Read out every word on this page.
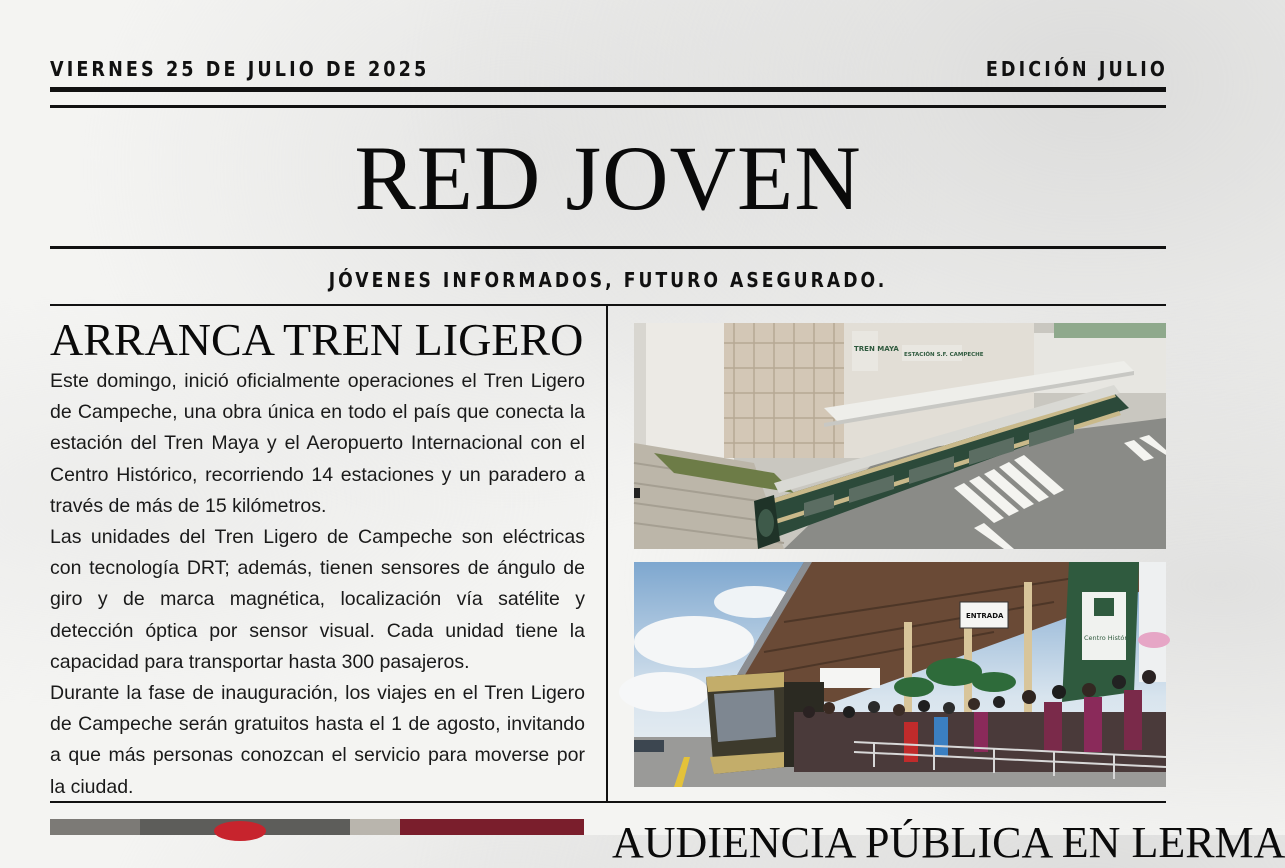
VIERNES 25 DE JULIO DE 2025	EDICIÓN JULIO
RED JOVEN
JÓVENES INFORMADOS, FUTURO ASEGURADO.
ARRANCA TREN LIGERO

Este domingo, inició oficialmente operaciones el Tren Ligero de Campeche, una obra única en todo el país que conecta la estación del Tren Maya y el Aeropuerto Internacional con el Centro Histórico, recorriendo 14 estaciones y un paradero a través de más de 15 kilómetros.

Las unidades del Tren Ligero de Campeche son eléctricas con tecnología DRT; además, tienen sensores de ángulo de giro y de marca magnética, localización vía satélite y detección óptica por sensor visual. Cada unidad tiene la capacidad para transportar hasta 300 pasajeros.

Durante la fase de inauguración, los viajes en el Tren Ligero de Campeche serán gratuitos hasta el 1 de agosto, invitando a que más personas conozcan el servicio para moverse por la ciudad.

TREN MAYA
ESTACIÓN S.F. CAMPECHE
Centro Histórico
ENTRADA
AUDIENCIA PÚBLICA EN LERMA
